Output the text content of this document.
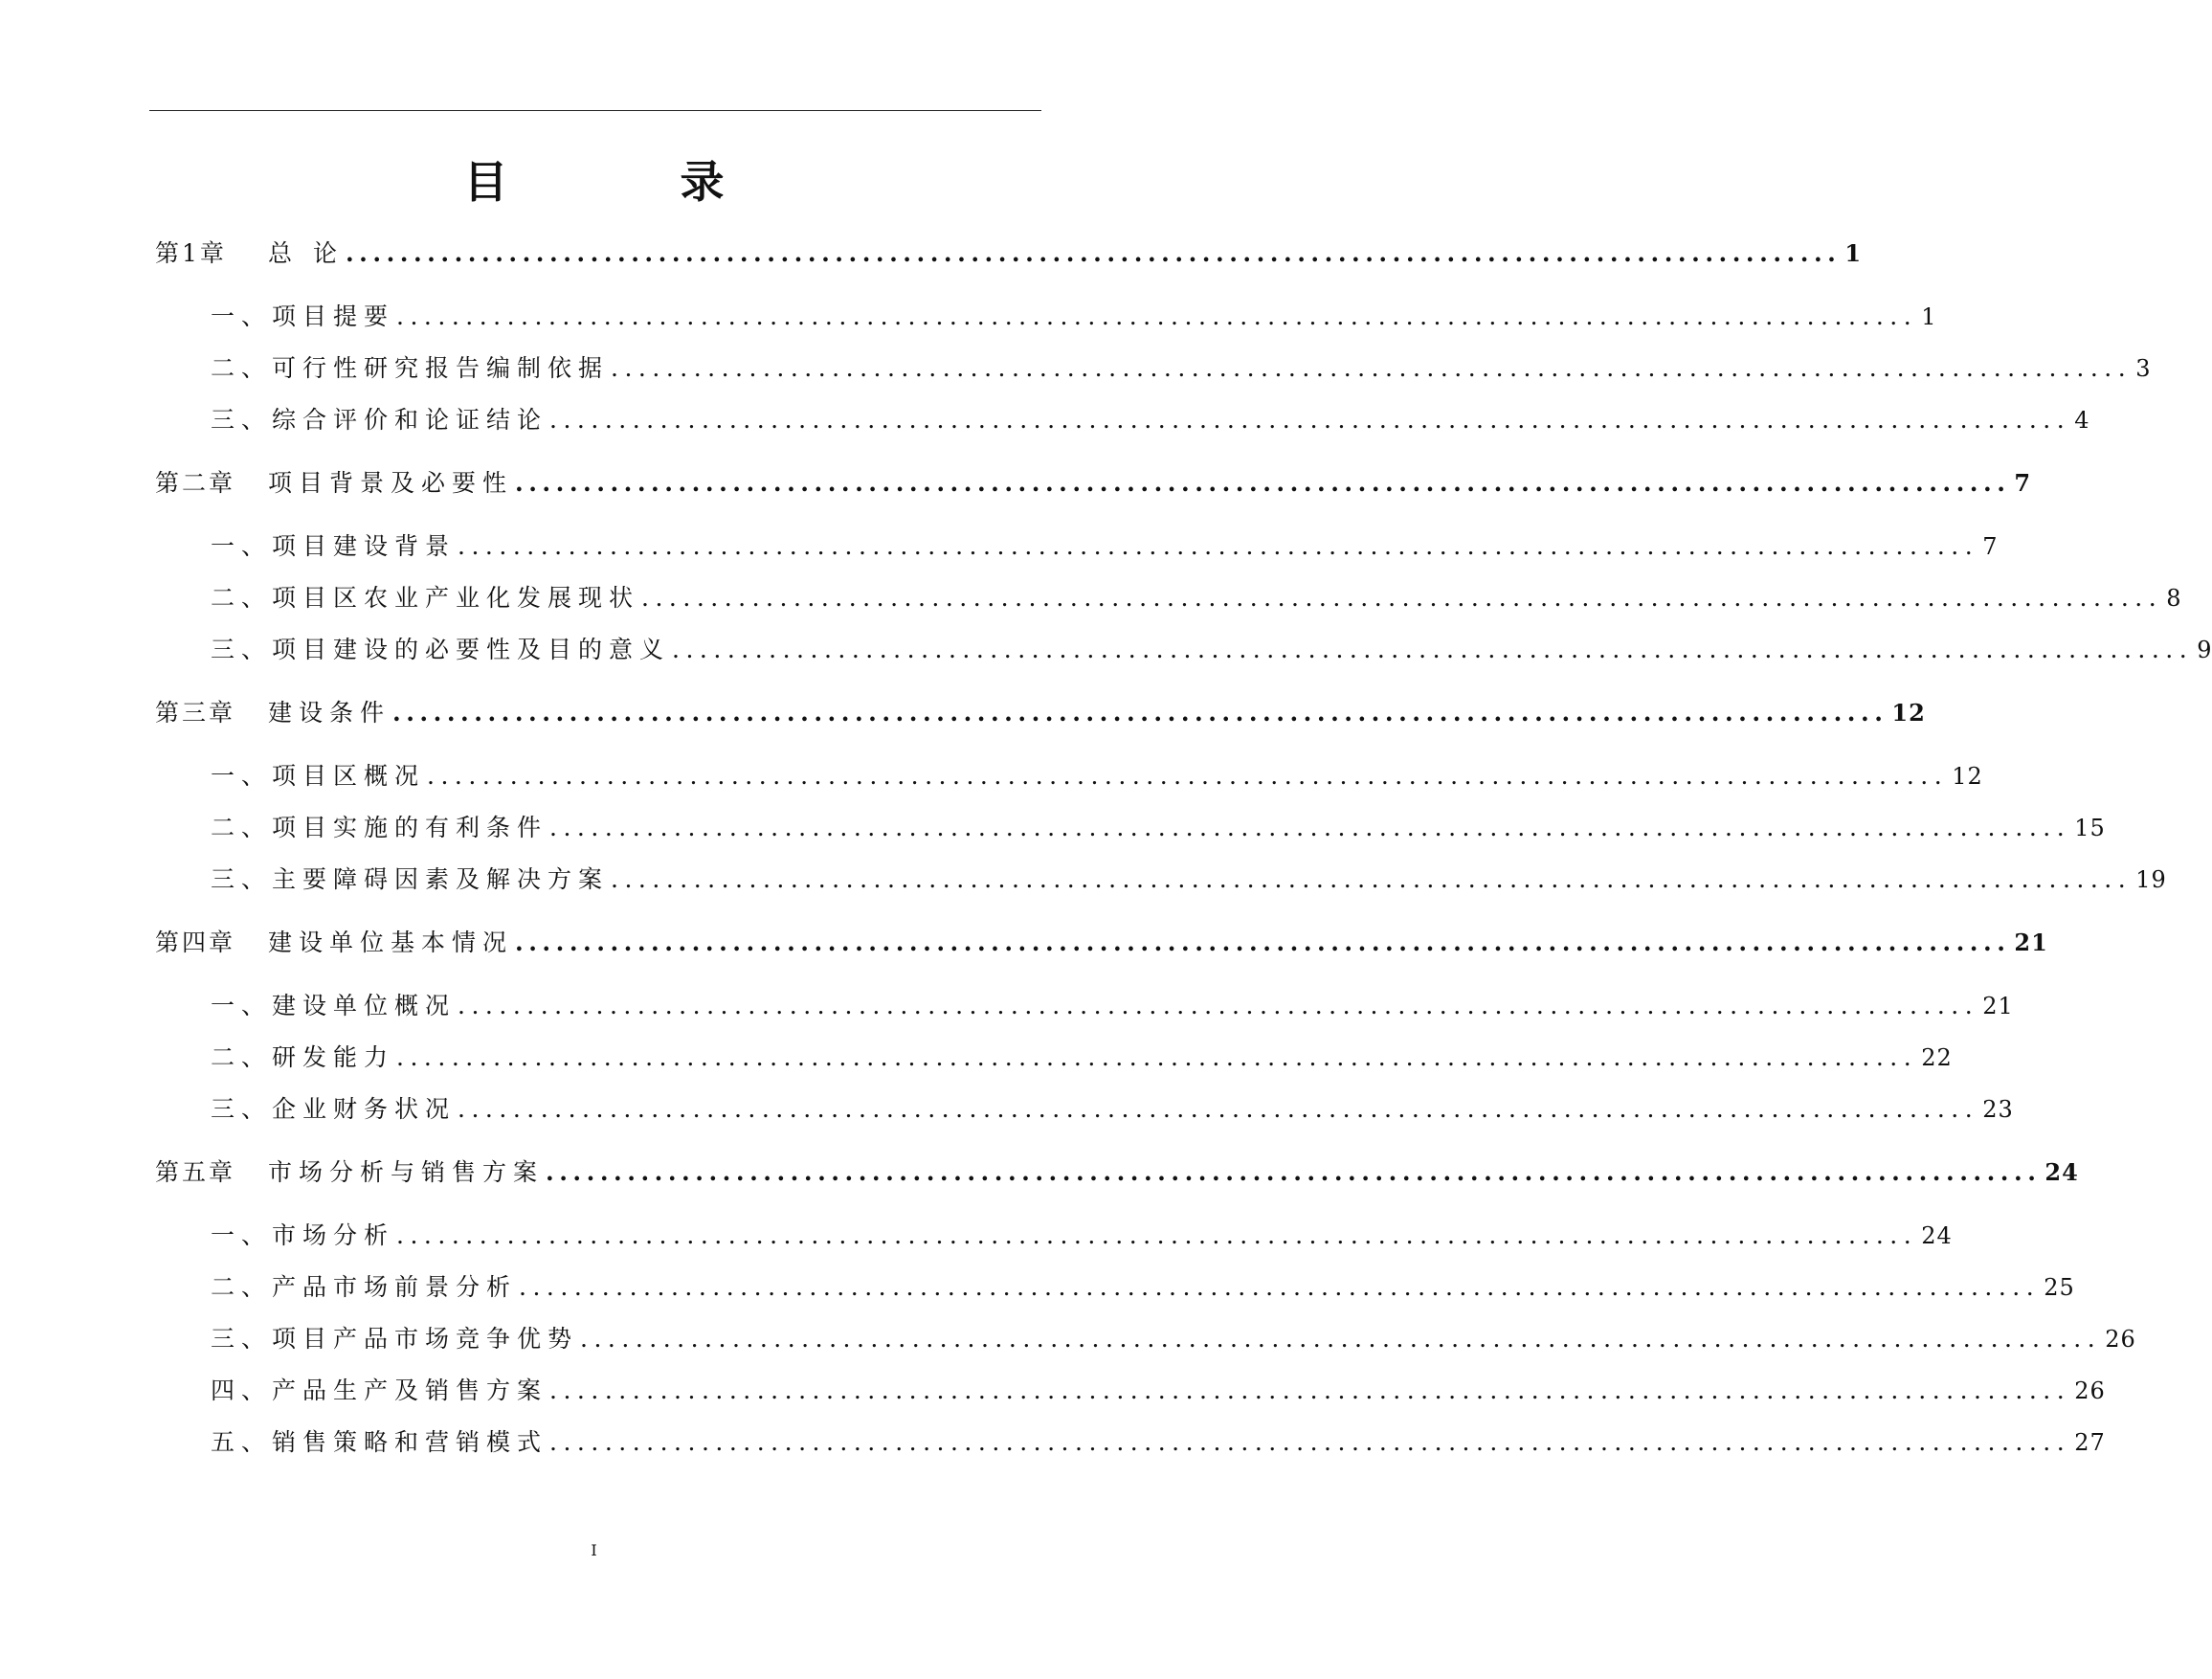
目 录
第1章	总 论 .............................................................................................................. 1
一、 项目提要 .............................................................................................................. 1
二、 可行性研究报告编制依据 .............................................................................................................. 3
三、 综合评价和论证结论 .............................................................................................................. 4
第二章	项目背景及必要性 .............................................................................................................. 7
一、 项目建设背景 .............................................................................................................. 7
二、 项目区农业产业化发展现状 .............................................................................................................. 8
三、 项目建设的必要性及目的意义 .............................................................................................................. 9
第三章	建设条件 .............................................................................................................. 12
一、 项目区概况 .............................................................................................................. 12
二、 项目实施的有利条件 .............................................................................................................. 15
三、 主要障碍因素及解决方案 .............................................................................................................. 19
第四章	建设单位基本情况 .............................................................................................................. 21
一、 建设单位概况 .............................................................................................................. 21
二、 研发能力 .............................................................................................................. 22
三、 企业财务状况 .............................................................................................................. 23
第五章	市场分析与销售方案 .............................................................................................................. 24
一、 市场分析 .............................................................................................................. 24
二、 产品市场前景分析 .............................................................................................................. 25
三、 项目产品市场竞争优势 .............................................................................................................. 26
四、 产品生产及销售方案 .............................................................................................................. 26
五、 销售策略和营销模式 .............................................................................................................. 27
I
